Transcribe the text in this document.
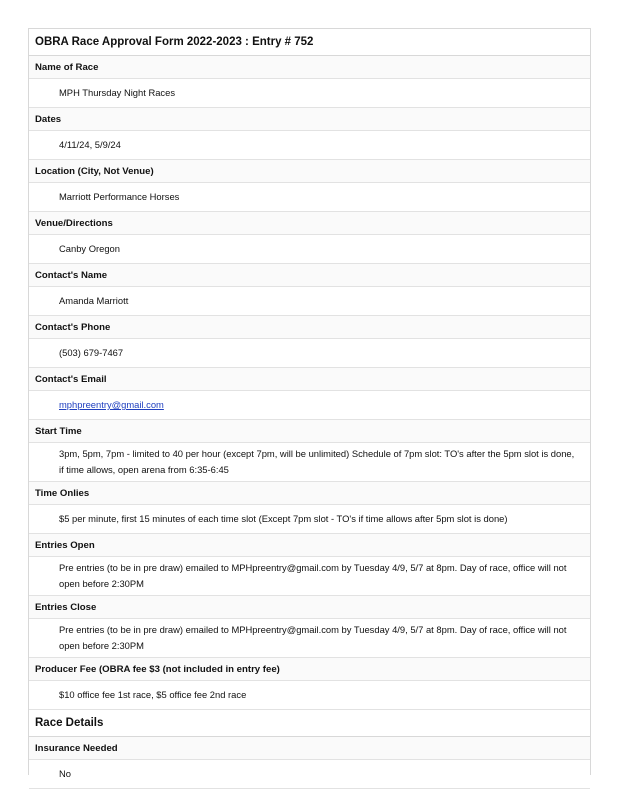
OBRA Race Approval Form 2022-2023 : Entry # 752
Name of Race
MPH Thursday Night Races
Dates
4/11/24, 5/9/24
Location (City, Not Venue)
Marriott Performance Horses
Venue/Directions
Canby Oregon
Contact's Name
Amanda Marriott
Contact's Phone
(503) 679-7467
Contact's Email
mphpreentry@gmail.com
Start Time
3pm, 5pm, 7pm - limited to 40 per hour (except 7pm, will be unlimited) Schedule of 7pm slot: TO's after the 5pm slot is done, if time allows, open arena from 6:35-6:45
Time Onlies
$5 per minute, first 15 minutes of each time slot (Except 7pm slot - TO's if time allows after 5pm slot is done)
Entries Open
Pre entries (to be in pre draw) emailed to MPHpreentry@gmail.com by Tuesday 4/9, 5/7 at 8pm. Day of race, office will not open before 2:30PM
Entries Close
Pre entries (to be in pre draw) emailed to MPHpreentry@gmail.com by Tuesday 4/9, 5/7 at 8pm. Day of race, office will not open before 2:30PM
Producer Fee (OBRA fee $3 (not included in entry fee)
$10 office fee 1st race, $5 office fee 2nd race
Race Details
Insurance Needed
No
